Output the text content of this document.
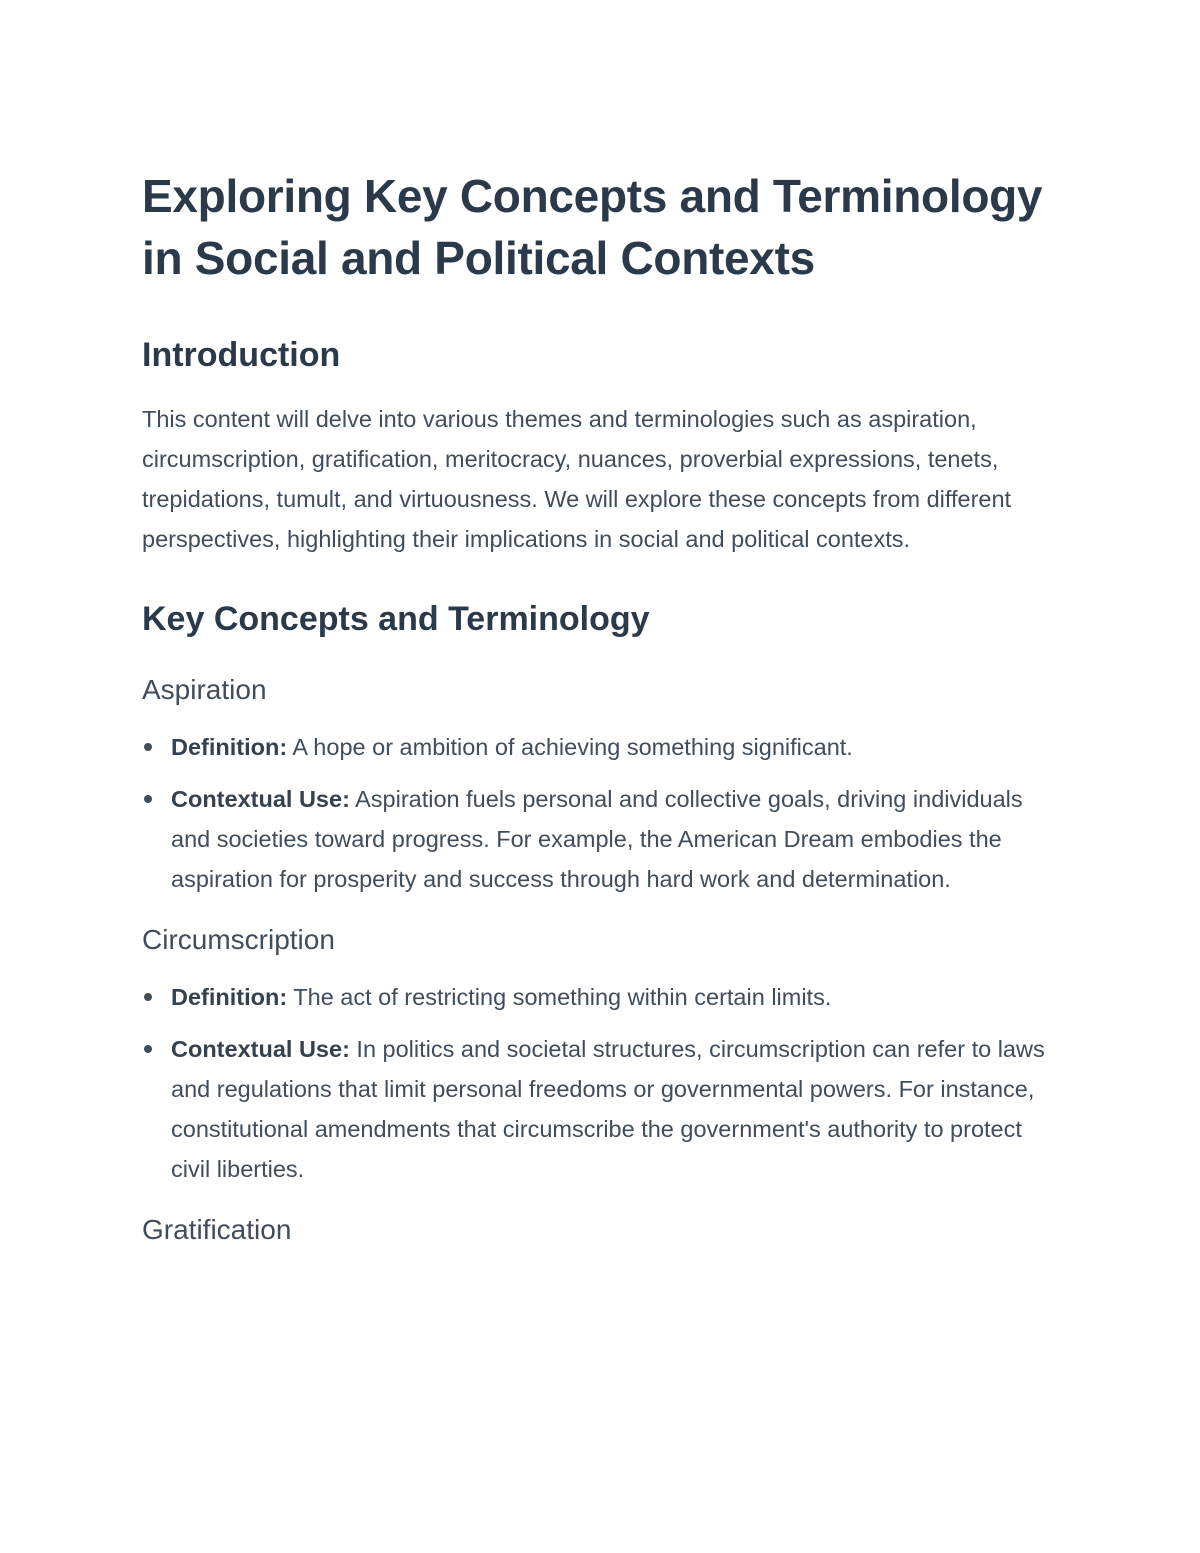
Exploring Key Concepts and Terminology in Social and Political Contexts
Introduction

This content will delve into various themes and terminologies such as aspiration, circumscription, gratification, meritocracy, nuances, proverbial expressions, tenets, trepidations, tumult, and virtuousness. We will explore these concepts from different perspectives, highlighting their implications in social and political contexts.

Key Concepts and Terminology
Aspiration
Definition: A hope or ambition of achieving something significant.
Contextual Use: Aspiration fuels personal and collective goals, driving individuals and societies toward progress. For example, the American Dream embodies the aspiration for prosperity and success through hard work and determination.
Circumscription
Definition: The act of restricting something within certain limits.
Contextual Use: In politics and societal structures, circumscription can refer to laws and regulations that limit personal freedoms or governmental powers. For instance, constitutional amendments that circumscribe the government's authority to protect civil liberties.
Gratification
